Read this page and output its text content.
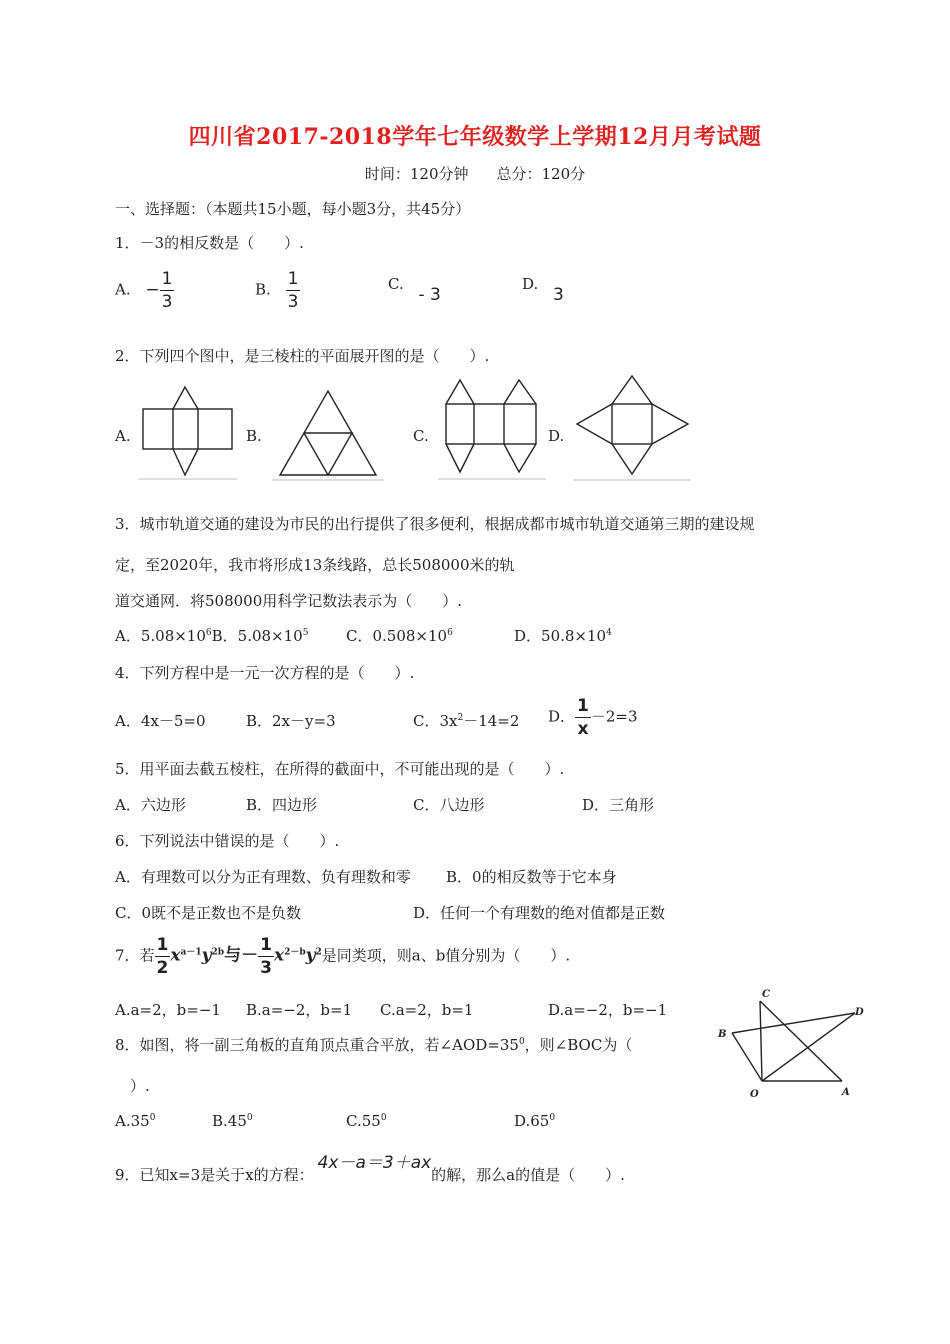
四川省2017-2018学年七年级数学上学期12月月考试题
时间：120分钟 总分：120分
一、选择题：（本题共15小题，每小题3分，共45分）
1．－3的相反数是（　　）.
A. − $\frac{1}{3}$	B. $\frac{1}{3}$	C. - 3
D. 3
2．下列四个图中，是三棱柱的平面展开图的是（　　）.
A.	B.	C.	D.
3．城市轨道交通的建设为市民的出行提供了很多便利，根据成都市城市轨道交通第三期的建设规
定，至2020年，我市将形成13条线路，总长508000米的轨
道交通网．将508000用科学记数法表示为（　　）.
A．$5.08\times 10^6B$．$5.08\times 10^5$	C．$0.508\times 10^6$	D．$50.8\times 10^4$
4．下列方程中是一元一次方程的是（　　）.
A．4x－5=0	B．2x－y=3	C．$3x^2-14=2$ D． $\frac{1}{x} -2=3$
5．用平面去截五棱柱，在所得的截面中，不可能出现的是（　　）.
A．六边形	B．四边形	C．八边形	D．三角形
6．下列说法中错误的是（　　）.
A．有理数可以分为正有理数、负有理数和零 B．0的相反数等于它本身
C．0既不是正数也不是负数	D．任何一个有理数的绝对值都是正数
7．若 $\frac{1}{2} x^{a-1}y^{2b}$与－ $\frac{1}{3} x^{2-b}y^2$是同类项，则a、b值分别为（　　）.
A.a=2，b=−1 B.a=−2，b=1 C.a=2，b=1	D.a=−2，b=−1
8．如图，将一副三角板的直角顶点重合平放，若$\angle AOD=35^0$，则∠BOC为（
）.
$A.35^0$	$B.45^0$	$C.55^0$	$D.65^0$
C
B
D
O	A
9．已知x=3是关于x的方程：4x－a＝3＋ax的解，那么a的值是（　　）.
